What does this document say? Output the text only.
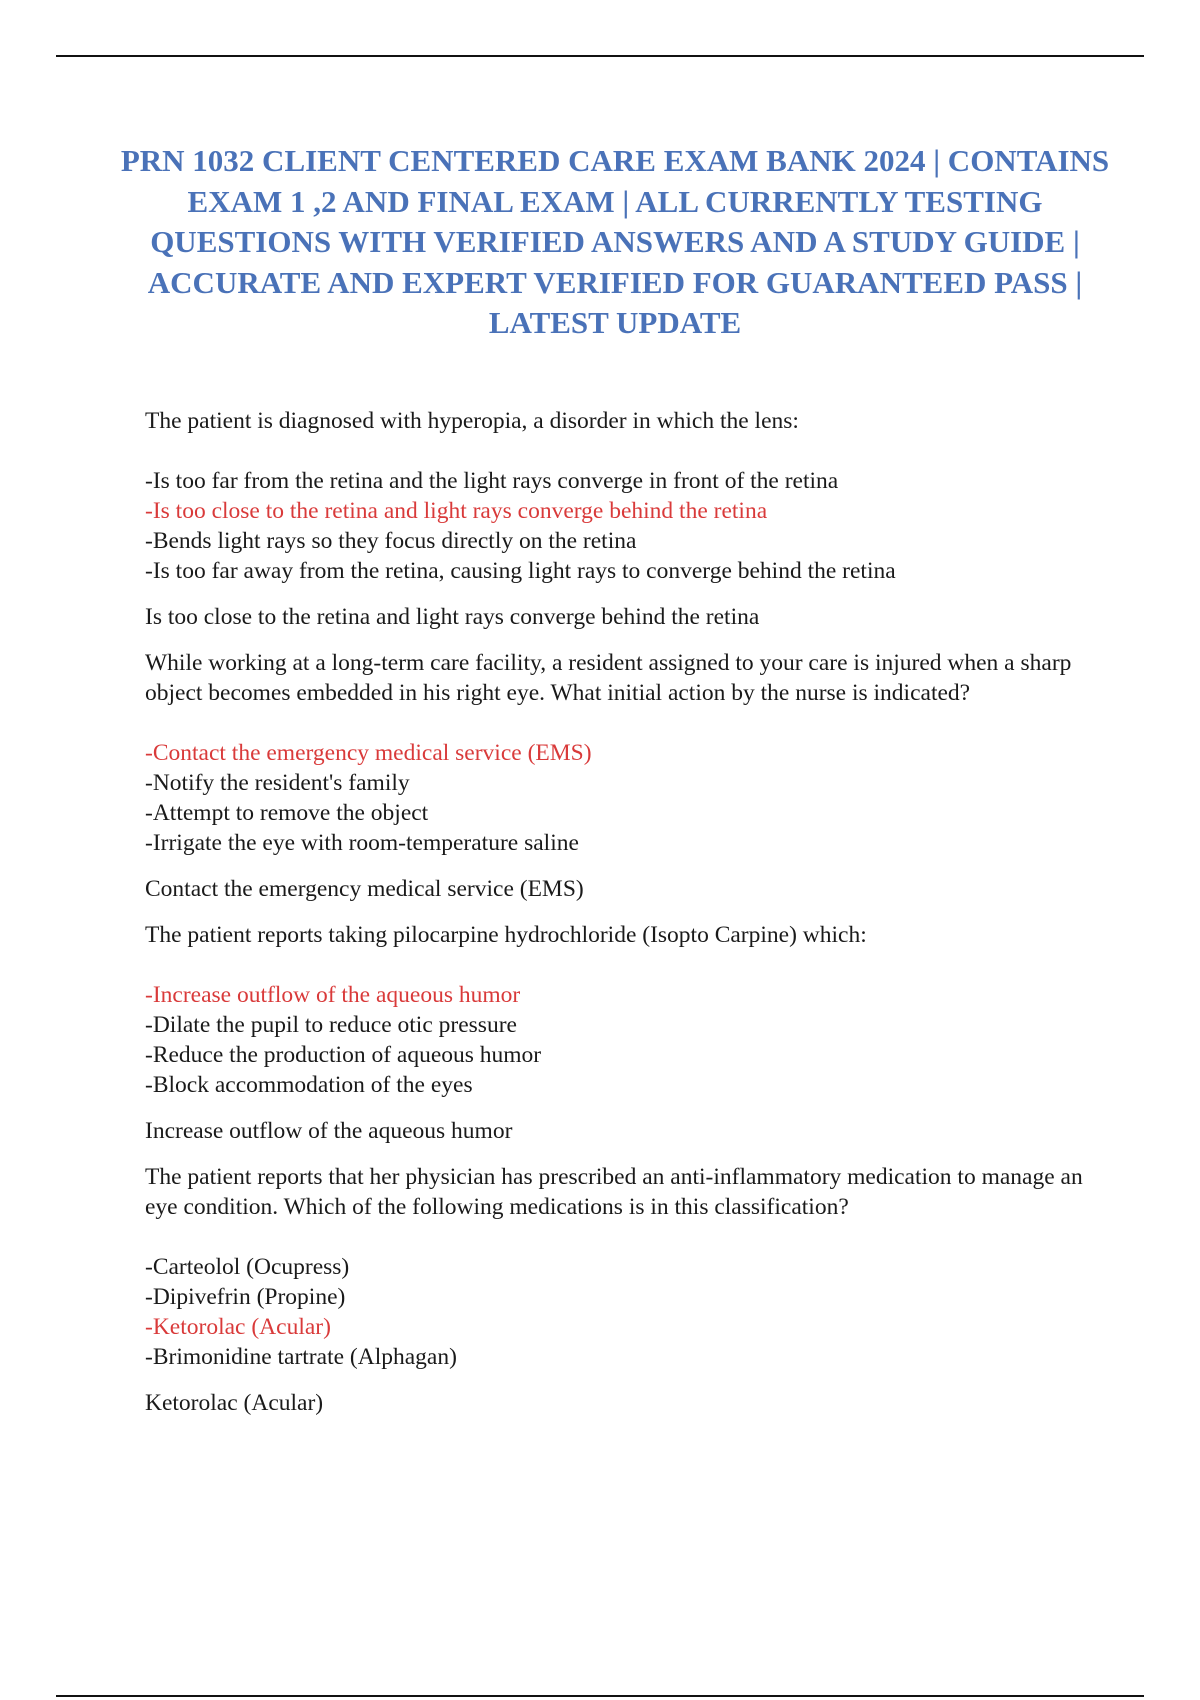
PRN 1032 CLIENT CENTERED CARE EXAM BANK 2024 | CONTAINS EXAM 1 ,2 AND FINAL EXAM | ALL CURRENTLY TESTING QUESTIONS WITH VERIFIED ANSWERS AND A STUDY GUIDE | ACCURATE AND EXPERT VERIFIED FOR GUARANTEED PASS | LATEST UPDATE

The patient is diagnosed with hyperopia, a disorder in which the lens:

-Is too far from the retina and the light rays converge in front of the retina

-Is too close to the retina and light rays converge behind the retina

-Bends light rays so they focus directly on the retina

-Is too far away from the retina, causing light rays to converge behind the retina

Is too close to the retina and light rays converge behind the retina

While working at a long-term care facility, a resident assigned to your care is injured when a sharp object becomes embedded in his right eye. What initial action by the nurse is indicated?

-Contact the emergency medical service (EMS)

-Notify the resident's family

-Attempt to remove the object

-Irrigate the eye with room-temperature saline

Contact the emergency medical service (EMS)

The patient reports taking pilocarpine hydrochloride (Isopto Carpine) which:

-Increase outflow of the aqueous humor

-Dilate the pupil to reduce otic pressure

-Reduce the production of aqueous humor

-Block accommodation of the eyes

Increase outflow of the aqueous humor

The patient reports that her physician has prescribed an anti-inflammatory medication to manage an eye condition. Which of the following medications is in this classification?

-Carteolol (Ocupress)

-Dipivefrin (Propine)

-Ketorolac (Acular)

-Brimonidine tartrate (Alphagan)

Ketorolac (Acular)
